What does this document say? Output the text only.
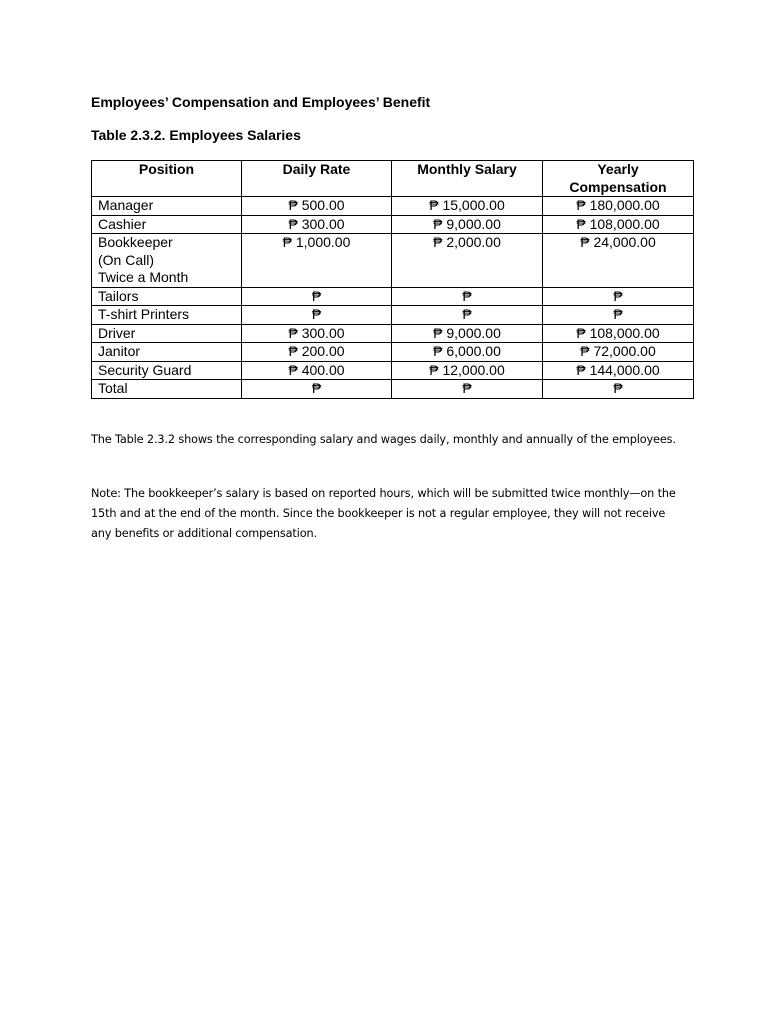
Employees’ Compensation and Employees’ Benefit
Table 2.3.2. Employees Salaries
Position	Daily Rate	Monthly Salary	Yearly Compensation
Manager	₱ 500.00	₱ 15,000.00	₱ 180,000.00
Cashier	₱ 300.00	₱ 9,000.00	₱ 108,000.00

Bookkeeper
(On Call)
Twice a Month	₱ 1,000.00	₱ 2,000.00	₱ 24,000.00
Tailors	₱	₱	₱
T-shirt Printers	₱	₱	₱
Driver	₱ 300.00	₱ 9,000.00	₱ 108,000.00
Janitor	₱ 200.00	₱ 6,000.00	₱ 72,000.00
Security Guard	₱ 400.00	₱ 12,000.00	₱ 144,000.00
Total	₱	₱	₱

The Table 2.3.2 shows the corresponding salary and wages daily, monthly and annually of the employees.

Note: The bookkeeper’s salary is based on reported hours, which will be submitted twice monthly—on the 15th and at the end of the month. Since the bookkeeper is not a regular employee, they will not receive any benefits or additional compensation.
